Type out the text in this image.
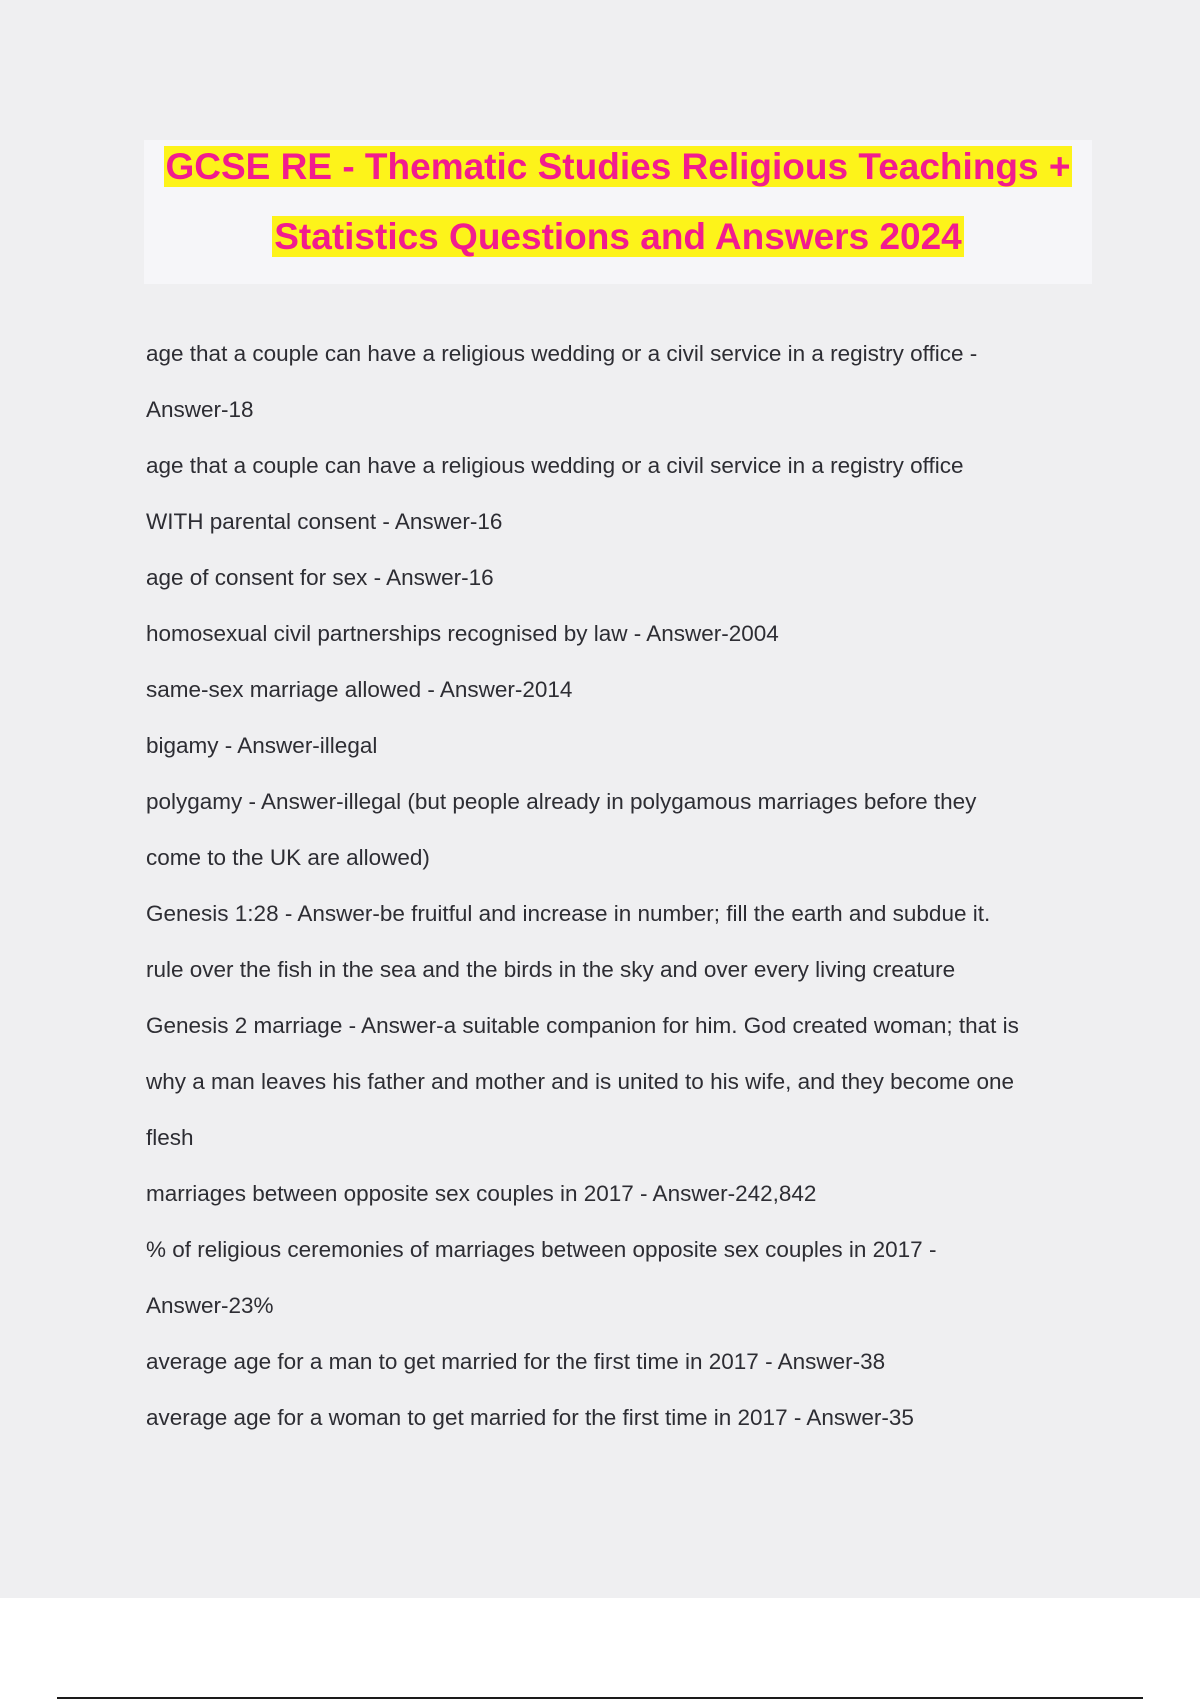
GCSE RE - Thematic Studies Religious Teachings +
Statistics Questions and Answers 2024
age that a couple can have a religious wedding or a civil service in a registry office -
Answer-18
age that a couple can have a religious wedding or a civil service in a registry office
WITH parental consent - Answer-16
age of consent for sex - Answer-16
homosexual civil partnerships recognised by law - Answer-2004
same-sex marriage allowed - Answer-2014
bigamy - Answer-illegal
polygamy - Answer-illegal (but people already in polygamous marriages before they
come to the UK are allowed)
Genesis 1:28 - Answer-be fruitful and increase in number; fill the earth and subdue it.
rule over the fish in the sea and the birds in the sky and over every living creature
Genesis 2 marriage - Answer-a suitable companion for him. God created woman; that is
why a man leaves his father and mother and is united to his wife, and they become one
flesh
marriages between opposite sex couples in 2017 - Answer-242,842
% of religious ceremonies of marriages between opposite sex couples in 2017 -
Answer-23%
average age for a man to get married for the first time in 2017 - Answer-38
average age for a woman to get married for the first time in 2017 - Answer-35
